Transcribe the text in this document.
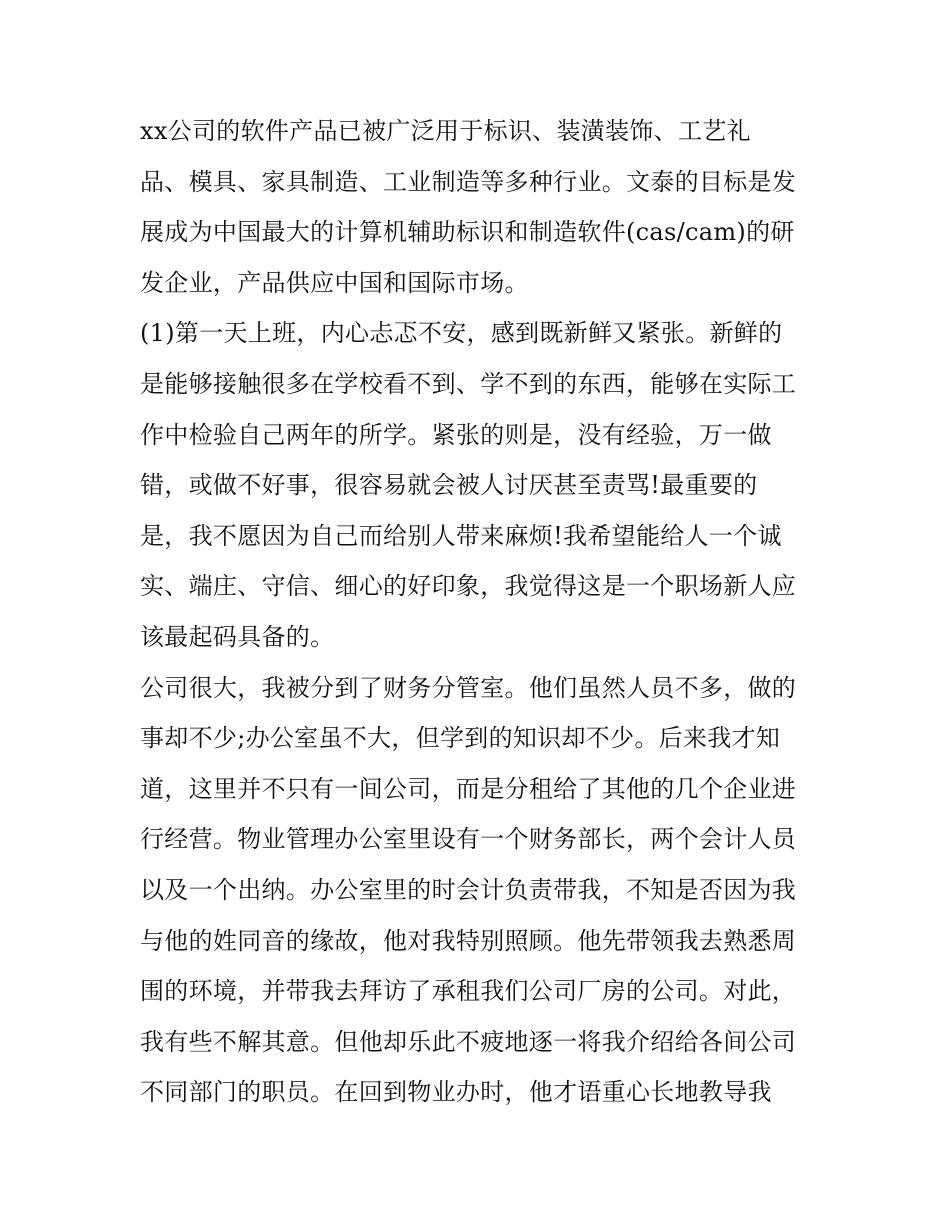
xx公司的软件产品已被广泛用于标识、装潢装饰、工艺礼
品、模具、家具制造、工业制造等多种行业。文泰的目标是发
展成为中国最大的计算机辅助标识和制造软件(cas/cam)的研
发企业，产品供应中国和国际市场。
(1)第一天上班，内心忐忑不安，感到既新鲜又紧张。新鲜的
是能够接触很多在学校看不到、学不到的东西，能够在实际工
作中检验自己两年的所学。紧张的则是，没有经验，万一做
错，或做不好事，很容易就会被人讨厌甚至责骂!最重要的
是，我不愿因为自己而给别人带来麻烦!我希望能给人一个诚
实、端庄、守信、细心的好印象，我觉得这是一个职场新人应
该最起码具备的。
公司很大，我被分到了财务分管室。他们虽然人员不多，做的
事却不少;办公室虽不大，但学到的知识却不少。后来我才知
道，这里并不只有一间公司，而是分租给了其他的几个企业进
行经营。物业管理办公室里设有一个财务部长，两个会计人员
以及一个出纳。办公室里的时会计负责带我，不知是否因为我
与他的姓同音的缘故，他对我特别照顾。他先带领我去熟悉周
围的环境，并带我去拜访了承租我们公司厂房的公司。对此，
我有些不解其意。但他却乐此不疲地逐一将我介绍给各间公司
不同部门的职员。在回到物业办时，他才语重心长地教导我
